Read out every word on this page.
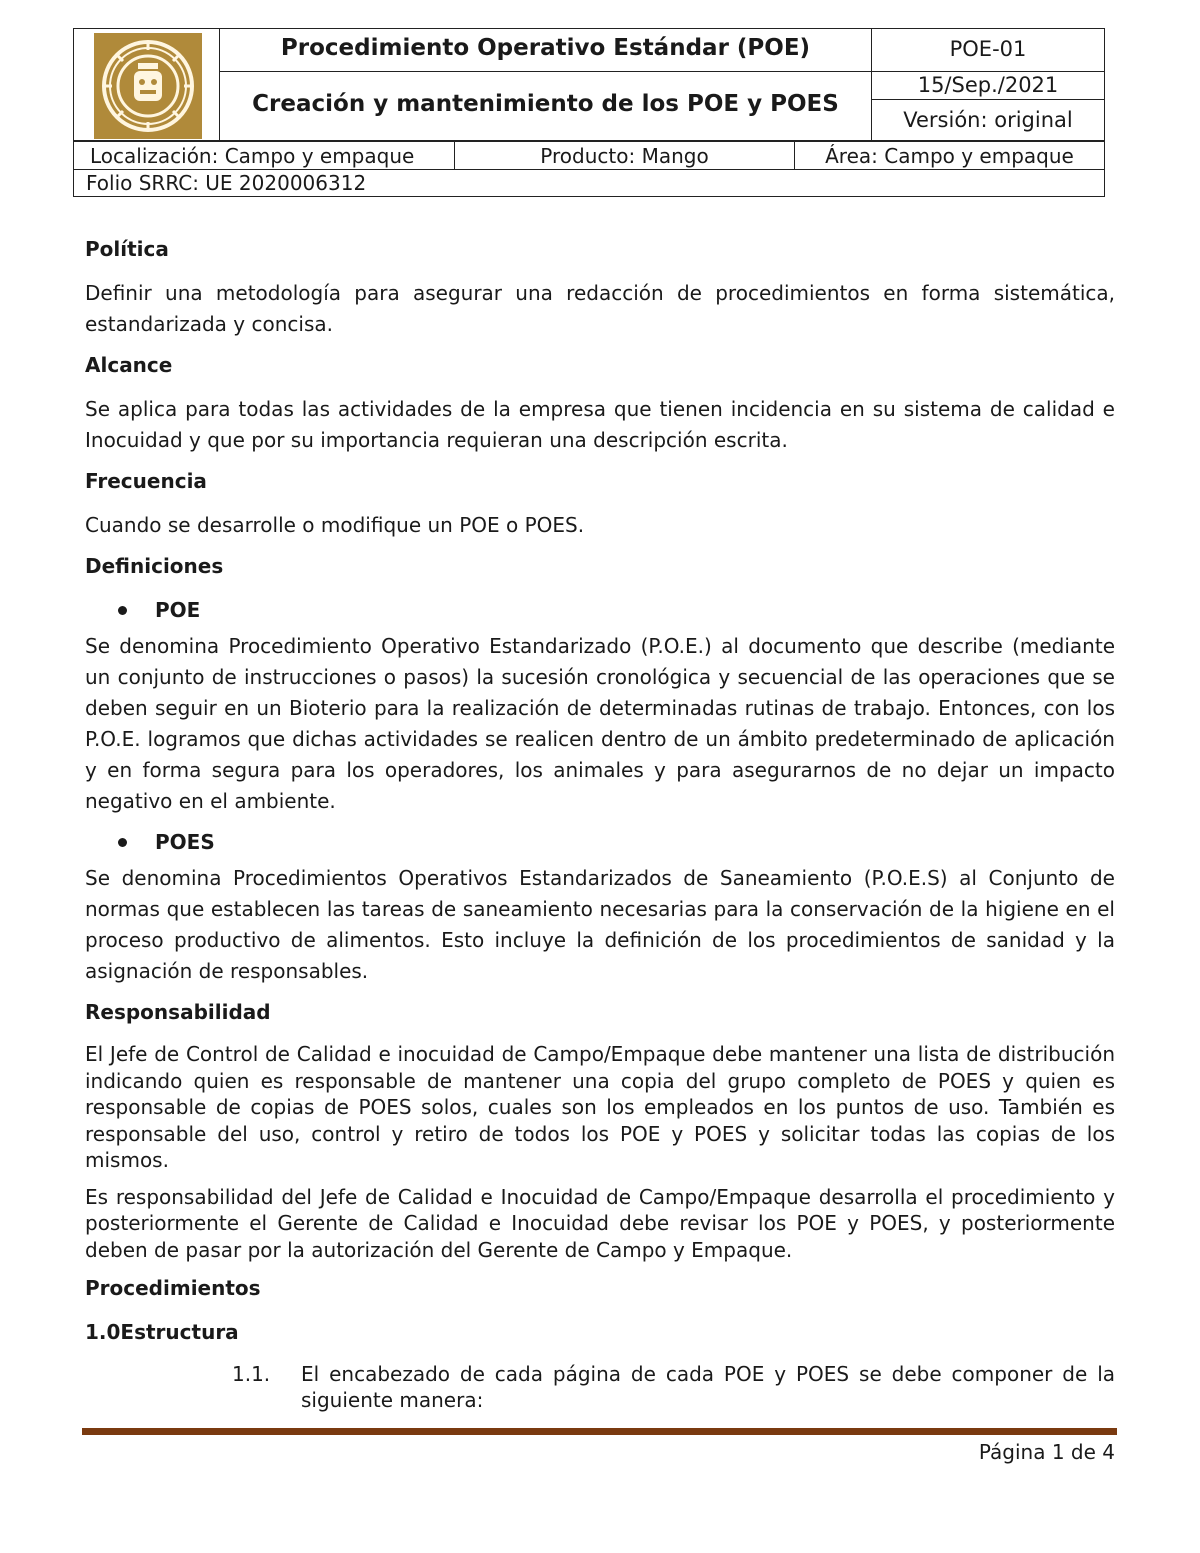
Procedimiento Operativo Estándar (POE)
Creación y mantenimiento de los POE y POES
POE-01
15/Sep./2021
Versión: original
Localización: Campo y empaque	Producto: Mango	Área: Campo y empaque
Folio SRRC: UE 2020006312
Política
Definir una metodología para asegurar una redacción de procedimientos en forma sistemática, estandarizada y concisa.
Alcance
Se aplica para todas las actividades de la empresa que tienen incidencia en su sistema de calidad e Inocuidad y que por su importancia requieran una descripción escrita.
Frecuencia
Cuando se desarrolle o modifique un POE o POES.
Definiciones
POE
Se denomina Procedimiento Operativo Estandarizado (P.O.E.) al documento que describe (mediante un conjunto de instrucciones o pasos) la sucesión cronológica y secuencial de las operaciones que se deben seguir en un Bioterio para la realización de determinadas rutinas de trabajo. Entonces, con los P.O.E. logramos que dichas actividades se realicen dentro de un ámbito predeterminado de aplicación y en forma segura para los operadores, los animales y para asegurarnos de no dejar un impacto negativo en el ambiente.
POES
Se denomina Procedimientos Operativos Estandarizados de Saneamiento (P.O.E.S) al Conjunto de normas que establecen las tareas de saneamiento necesarias para la conservación de la higiene en el proceso productivo de alimentos. Esto incluye la definición de los procedimientos de sanidad y la asignación de responsables.
Responsabilidad
El Jefe de Control de Calidad e inocuidad de Campo/Empaque debe mantener una lista de distribución indicando quien es responsable de mantener una copia del grupo completo de POES y quien es responsable de copias de POES solos, cuales son los empleados en los puntos de uso. También es responsable del uso, control y retiro de todos los POE y POES y solicitar todas las copias de los mismos.
Es responsabilidad del Jefe de Calidad e Inocuidad de Campo/Empaque desarrolla el procedimiento y posteriormente el Gerente de Calidad e Inocuidad debe revisar los POE y POES, y posteriormente deben de pasar por la autorización del Gerente de Campo y Empaque.
Procedimientos
1.0Estructura
1.1. El encabezado de cada página de cada POE y POES se debe componer de la siguiente manera:
Página 1 de 4
